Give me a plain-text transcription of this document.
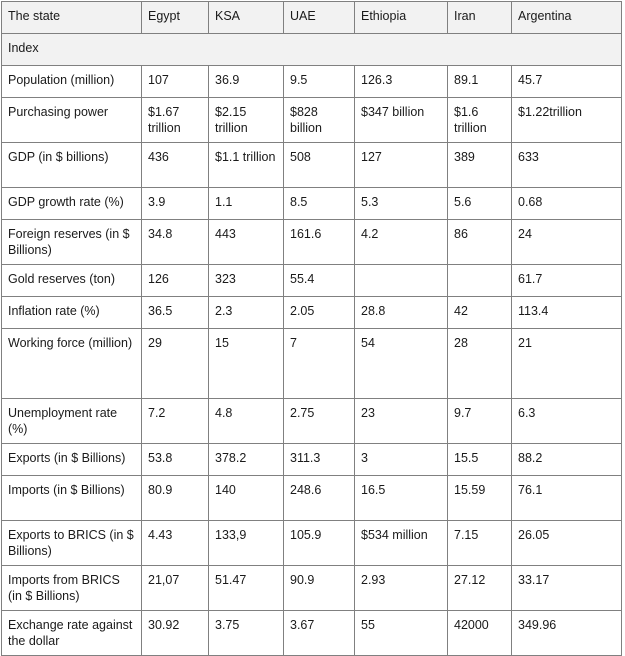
The state	Egypt	KSA	UAE	Ethiopia	Iran	Argentina
Index						
Population (million)	107	36.9	9.5	126.3	89.1	45.7
Purchasing power	$1.67 trillion	$2.15 trillion	$828 billion	$347 billion	$1.6 trillion	$1.22trillion
GDP (in $ billions)	436	$1.1 trillion	508	127	389	633
GDP growth rate (%)	3.9	1.1	8.5	5.3	5.6	0.68
Foreign reserves (in $ Billions)	34.8	443	161.6	4.2	86	24
Gold reserves (ton)	126	323	55.4			61.7
Inflation rate (%)	36.5	2.3	2.05	28.8	42	113.4
Working force (million)	29	15	7	54	28	21
Unemployment rate (%)	7.2	4.8	2.75	23	9.7	6.3
Exports (in $ Billions)	53.8	378.2	311.3	3	15.5	88.2
Imports (in $ Billions)	80.9	140	248.6	16.5	15.59	76.1
Exports to BRICS (in $ Billions)	4.43	133,9	105.9	$534 million	7.15	26.05
Imports from BRICS (in $ Billions)	21,07	51.47	90.9	2.93	27.12	33.17
Exchange rate against the dollar	30.92	3.75	3.67	55	42000	349.96
